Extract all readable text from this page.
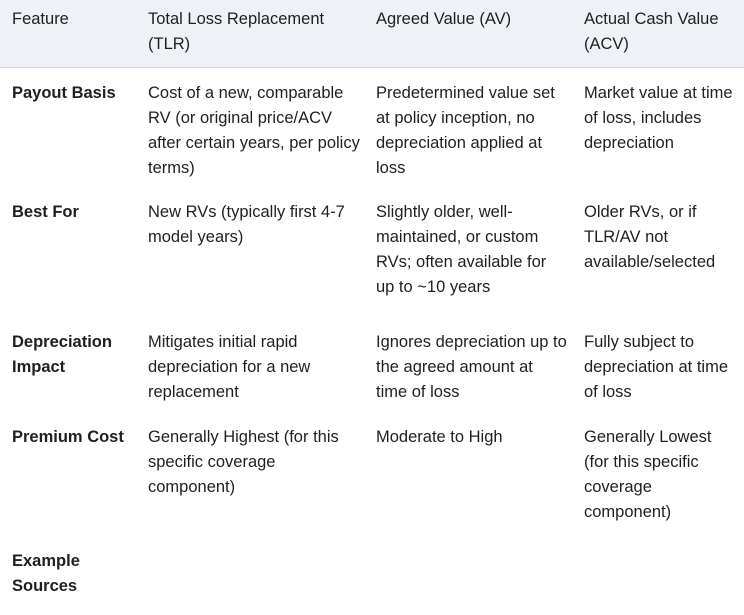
Feature	Total Loss Replacement (TLR)	Agreed Value (AV)	Actual Cash Value (ACV)
Payout Basis	Cost of a new, comparable RV (or original price/ACV after certain years, per policy terms)	Predetermined value set at policy inception, no depreciation applied at loss	Market value at time of loss, includes depreciation
Best For	New RVs (typically first 4-7 model years)	Slightly older, well-maintained, or custom RVs; often available for up to ~10 years	Older RVs, or if TLR/AV not available/selected
Depreciation Impact	Mitigates initial rapid depreciation for a new replacement	Ignores depreciation up to the agreed amount at time of loss	Fully subject to depreciation at time of loss
Premium Cost	Generally Highest (for this specific coverage component)	Moderate to High	Generally Lowest (for this specific coverage component)
Example Sources			
